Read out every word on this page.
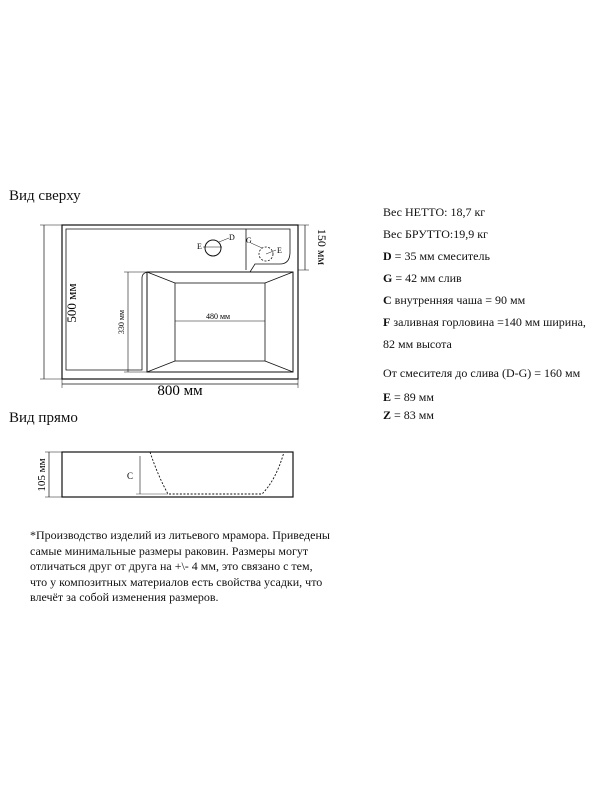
Вид сверху
Вид прямо
500 мм
800 мм
480 мм
330 мм
150 мм
E
D G
E
105 мм	C
Вес НЕТТО: 18,7 кг
Вес БРУТТО:19,9 кг
D = 35 мм смеситель
G = 42 мм слив
C внутренняя чаша = 90 мм
F заливная горловина =140 мм ширина,
82 мм высота
От смесителя до слива (D-G) = 160 мм
E = 89 мм
Z = 83 мм
*Производство изделий из литьевого мрамора. Приведены
самые минимальные размеры раковин. Размеры могут
отличаться друг от друга на +\- 4 мм, это связано с тем,
что у композитных материалов есть свойства усадки, что
влечёт за собой изменения размеров.
